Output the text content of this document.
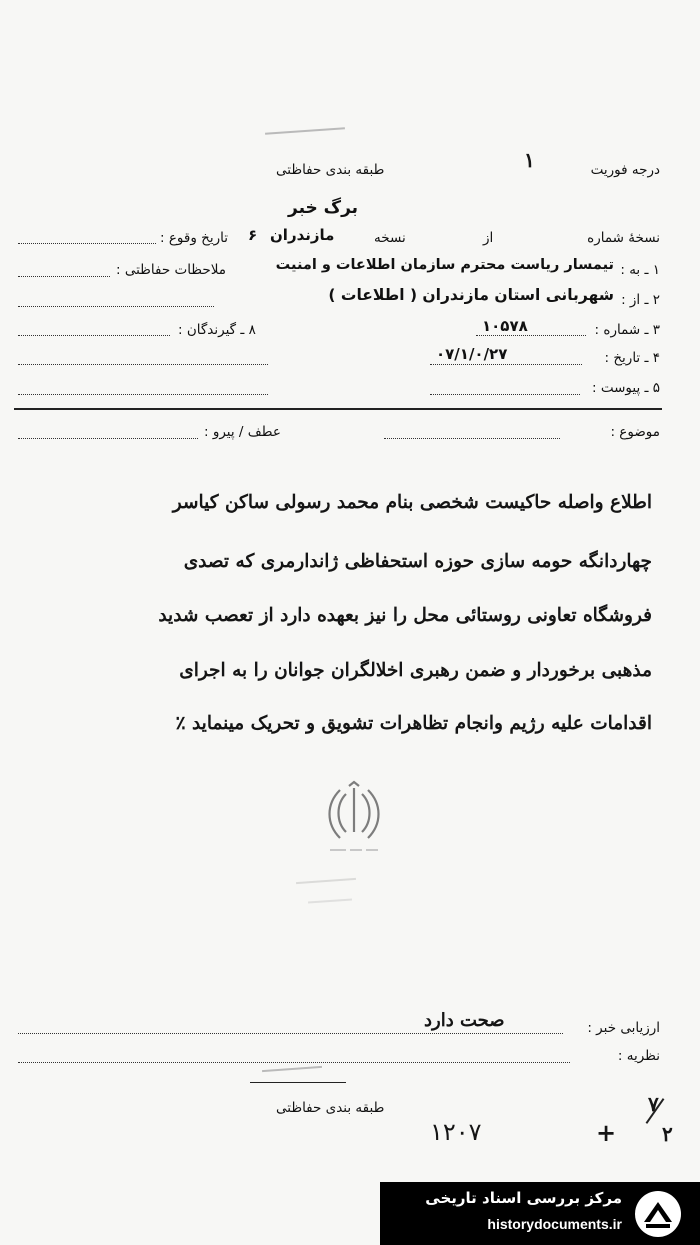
درجه فوریت
۱
طبقه بندی حفاظتی
برگ خبر
نسخهٔ شماره
از
نسخه
مازندران
۶
تاریخ وقوع :
۱ ـ به :
تیمسار ریاست محترم سازمان اطلاعات و امنیت
ملاحظات حفاظتی :
۲ ـ از :
شهربانی استان مازندران ( اطلاعات )
۳ ـ شماره :
۱۰۵۷۸
۸ ـ گیرندگان :
۴ ـ تاریخ :
۰۷/۱/۰/۲۷
۵ ـ پیوست :
موضوع :
عطف / پیرو :
اطلاع واصله حاکیست شخصی بنام محمد رسولی ساکن کیاسر
چهاردانگه حومه سازی حوزه استحفاظی ژاندارمری که تصدی
فروشگاه تعاونی روستائی محل را نیز بعهده دارد از تعصب شدید
مذهبی برخوردار و ضمن رهبری اخلالگران جوانان را به اجرای
اقدامات علیه رژیم وانجام تظاهرات تشویق و تحریک مینماید ٪
ارزیابی خبر :
صحت دارد
نظریه :
طبقه بندی حفاظتی
۱۲۰۷	+
۷
۲
مرکز بررسی اسناد تاریخی
historydocuments.ir
